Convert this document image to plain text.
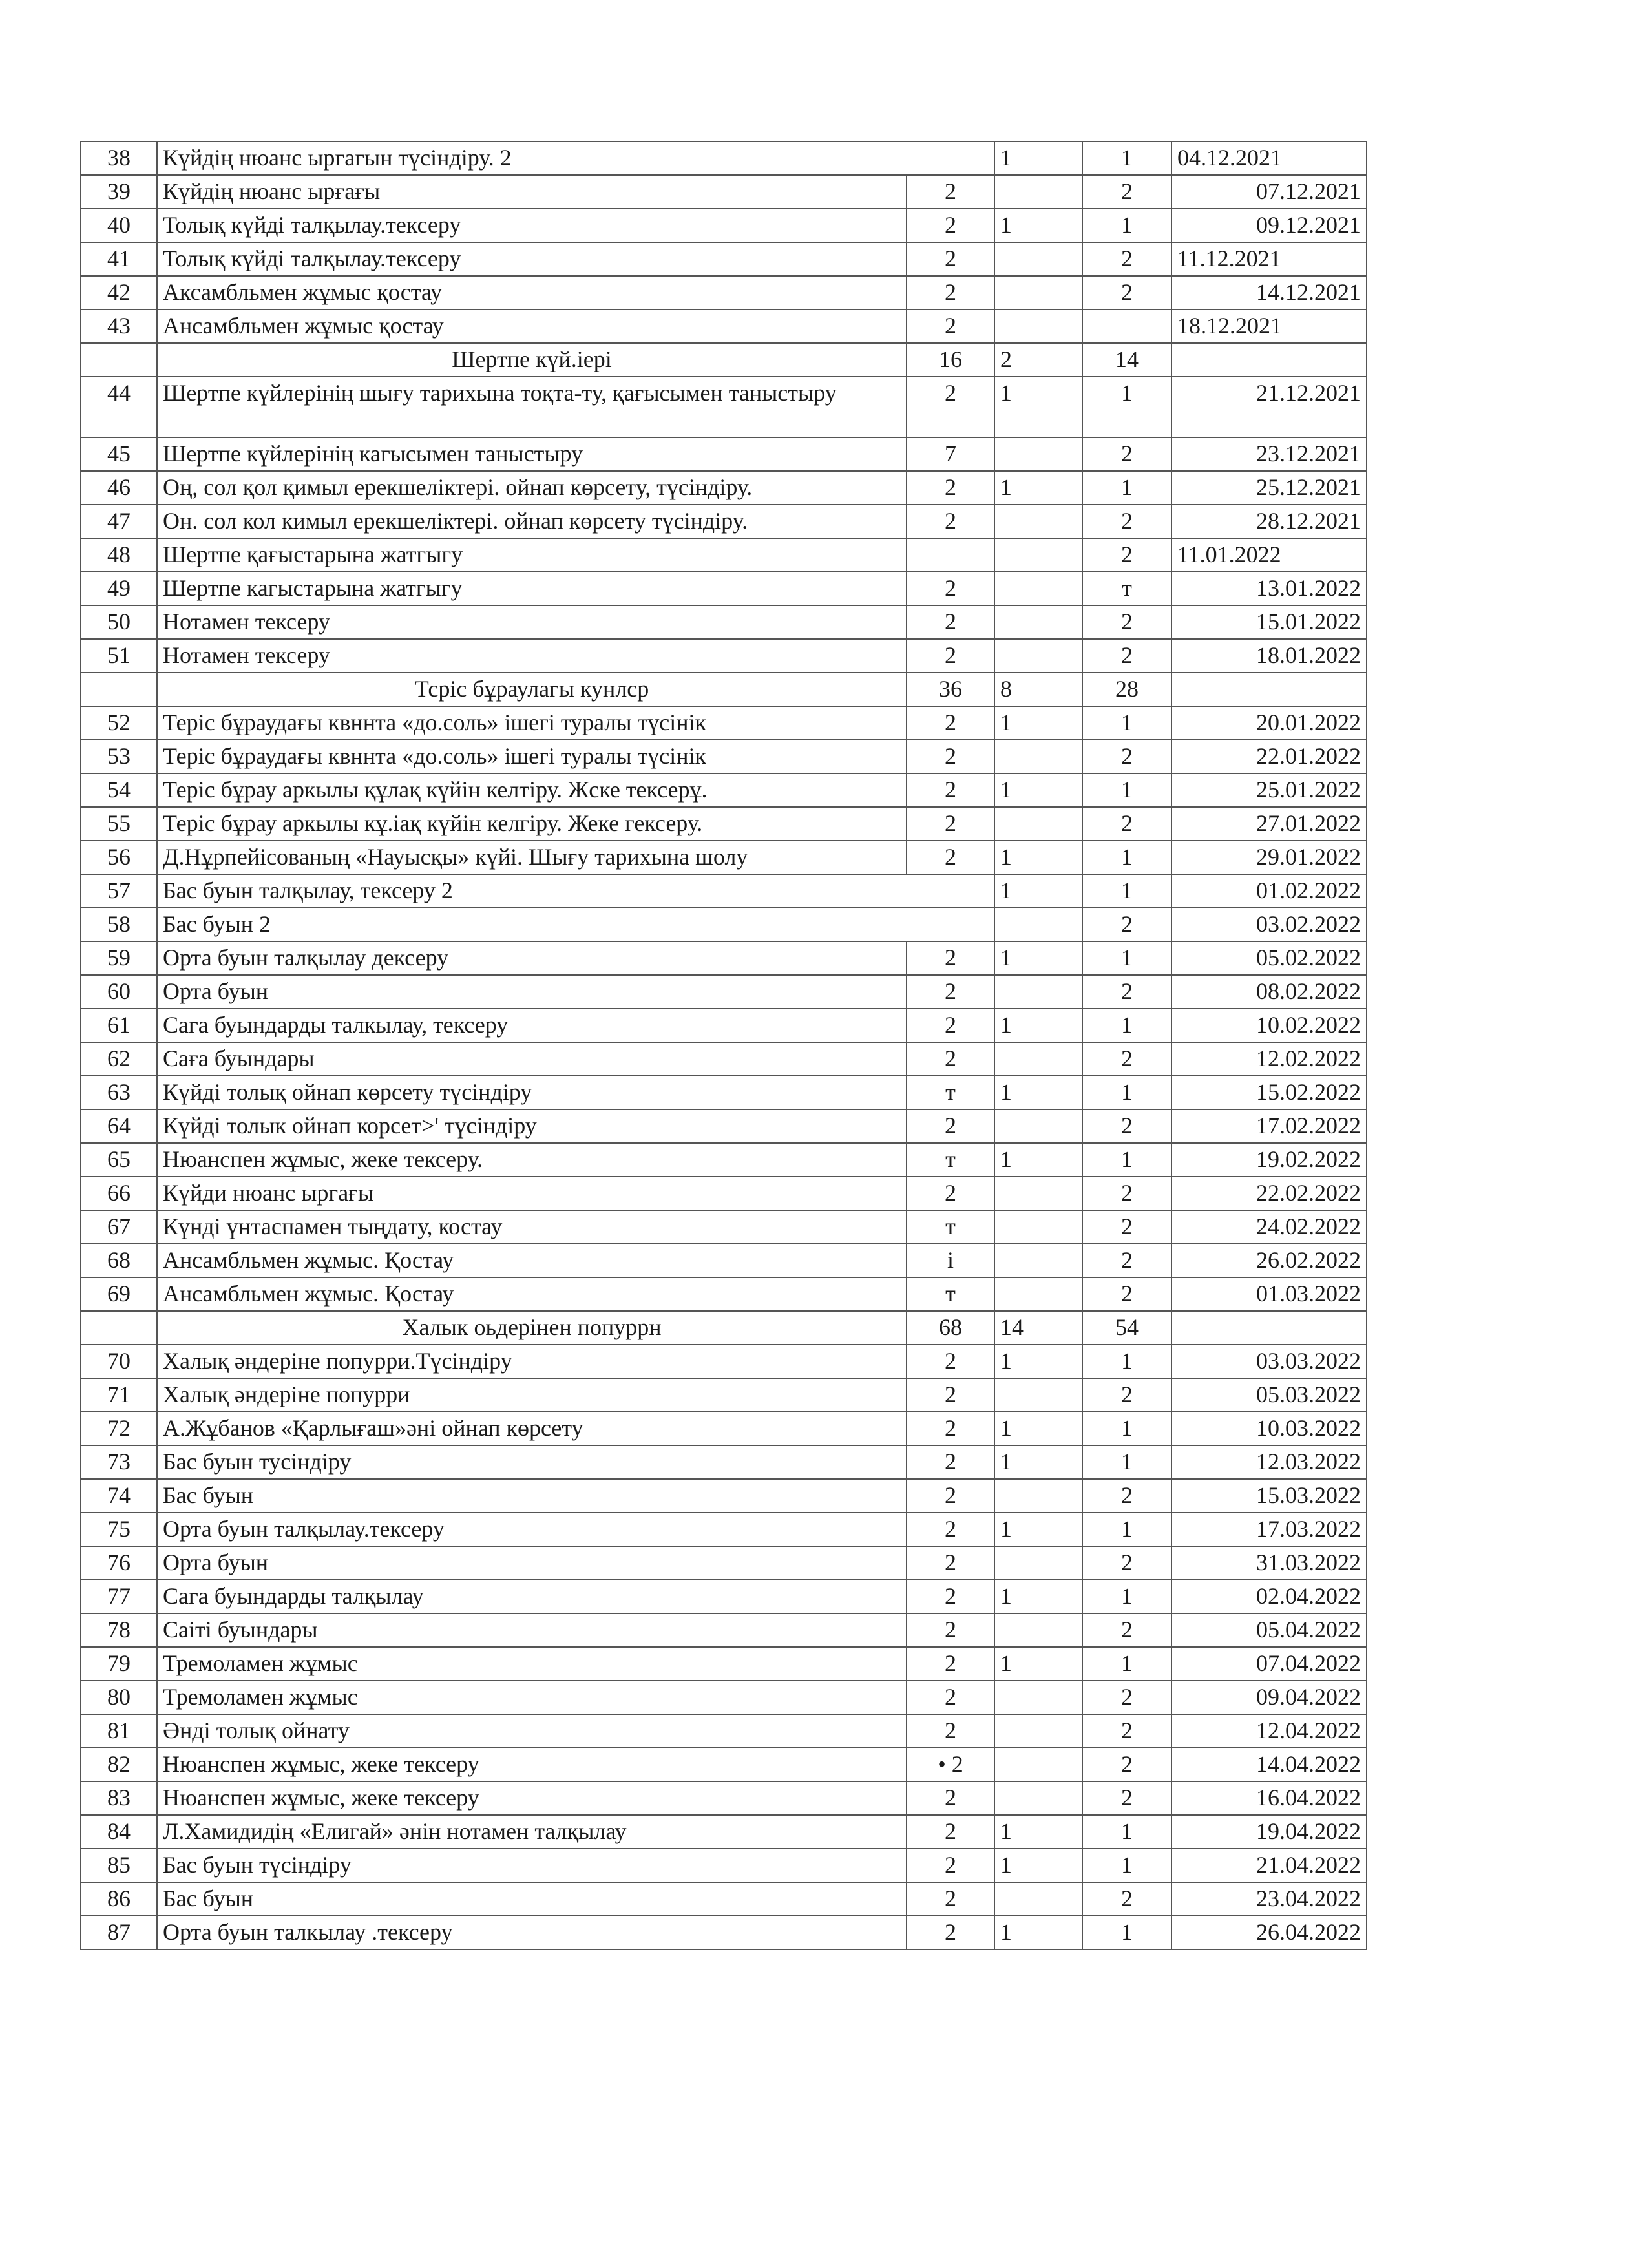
38	Күйдің нюанс ыргагын түсіндіру. 2		1	1	04.12.2021
39	Күйдің нюанс ырғағы	2		2	07.12.2021
40	Толық күйді талқылау.тексеру	2	1	1	09.12.2021
41	Толық күйді талқылау.тексеру	2		2	11.12.2021
42	Аксамбльмен жұмыс қостау	2		2	14.12.2021
43	Ансамбльмен жұмыс қостау	2			18.12.2021
	Шертпе күй.іері	16	2	14	
44	Шертпе күйлерінің шығу тарихына тоқта-ту, қағысымен таныстыру	2	1	1	21.12.2021
45	Шертпе күйлерінің кагысымен таныстыру	7		2	23.12.2021
46	Оң, сол қол қимыл ерекшеліктері. ойнап көрсету, түсіндіру.	2	1	1	25.12.2021
47	Он. сол кол кимыл ерекшеліктері. ойнап көрсету түсіндіру.	2		2	28.12.2021
48	Шертпе қағыстарына жатгыгу			2	11.01.2022
49	Шертпе кагыстарына жатгыгу	2		т	13.01.2022
50	Нотамен тексеру	2		2	15.01.2022
51	Нотамен тексеру	2		2	18.01.2022
	Тсріс бұраулагы кунлср	36	8	28	
52	Теріс бұраудағы квннта «до.соль» ішегі туралы түсінік	2	1	1	20.01.2022
53	Теріс бұраудағы квннта «до.соль» ішегі туралы түсінік	2		2	22.01.2022
54	Теріс бұрау аркылы құлақ күйін келтіру. Жске тексерұ.	2	1	1	25.01.2022
55	Теріс бұрау аркылы кұ.іақ күйін келгіру. Жеке гексеру.	2		2	27.01.2022
56	Д.Нұрпейісованың «Науысқы» күйі. Шығу тарихына шолу	2	1	1	29.01.2022
57	Бас буын талқылау, тексеру 2		1	1	01.02.2022
58	Бас буын 2			2	03.02.2022
59	Орта буын талқылау дексеру	2	1	1	05.02.2022
60	Орта буын	2		2	08.02.2022
61	Сага буындарды талкылау, тексеру	2	1	1	10.02.2022
62	Саға буындары	2		2	12.02.2022
63	Күйді толық ойнап көрсету түсіндіру	т	1	1	15.02.2022
64	Күйді толык ойнап корсет>' түсіндіру	2		2	17.02.2022
65	Нюанспен жұмыс, жеке тексеру.	т	1	1	19.02.2022
66	Күйди нюанс ыргағы	2		2	22.02.2022
67	Күнді үнтаспамен тыңдату, костау	т		2	24.02.2022
68	Ансамбльмен жұмыс. Қостау	і		2	26.02.2022
69	Ансамбльмен жұмыс. Қостау	т		2	01.03.2022
	Халык оьдерінен попуррн	68	14	54	
70	Халық әндеріне попурри.Түсіндіру	2	1	1	03.03.2022
71	Халық әндеріне попурри	2		2	05.03.2022
72	А.Жұбанов «Қарлығаш»әні ойнап көрсету	2	1	1	10.03.2022
73	Бас буын тусіндіру	2	1	1	12.03.2022
74	Бас буын	2		2	15.03.2022
75	Орта буын талқылау.тексеру	2	1	1	17.03.2022
76	Орта буын	2		2	31.03.2022
77	Сага буындарды талқылау	2	1	1	02.04.2022
78	Саіті буындары	2		2	05.04.2022
79	Тремоламен жұмыс	2	1	1	07.04.2022
80	Тремоламен жұмыс	2		2	09.04.2022
81	Әнді толық ойнату	2		2	12.04.2022
82	Нюанспен жұмыс, жеке тексеру	• 2		2	14.04.2022
83	Нюанспен жұмыс, жеке тексеру	2		2	16.04.2022
84	Л.Хамидидің «Елигай» әнін нотамен талқылау	2	1	1	19.04.2022
85	Бас буын түсіндіру	2	1	1	21.04.2022
86	Бас буын	2		2	23.04.2022
87	Орта буын талкылау .тексеру	2	1	1	26.04.2022
